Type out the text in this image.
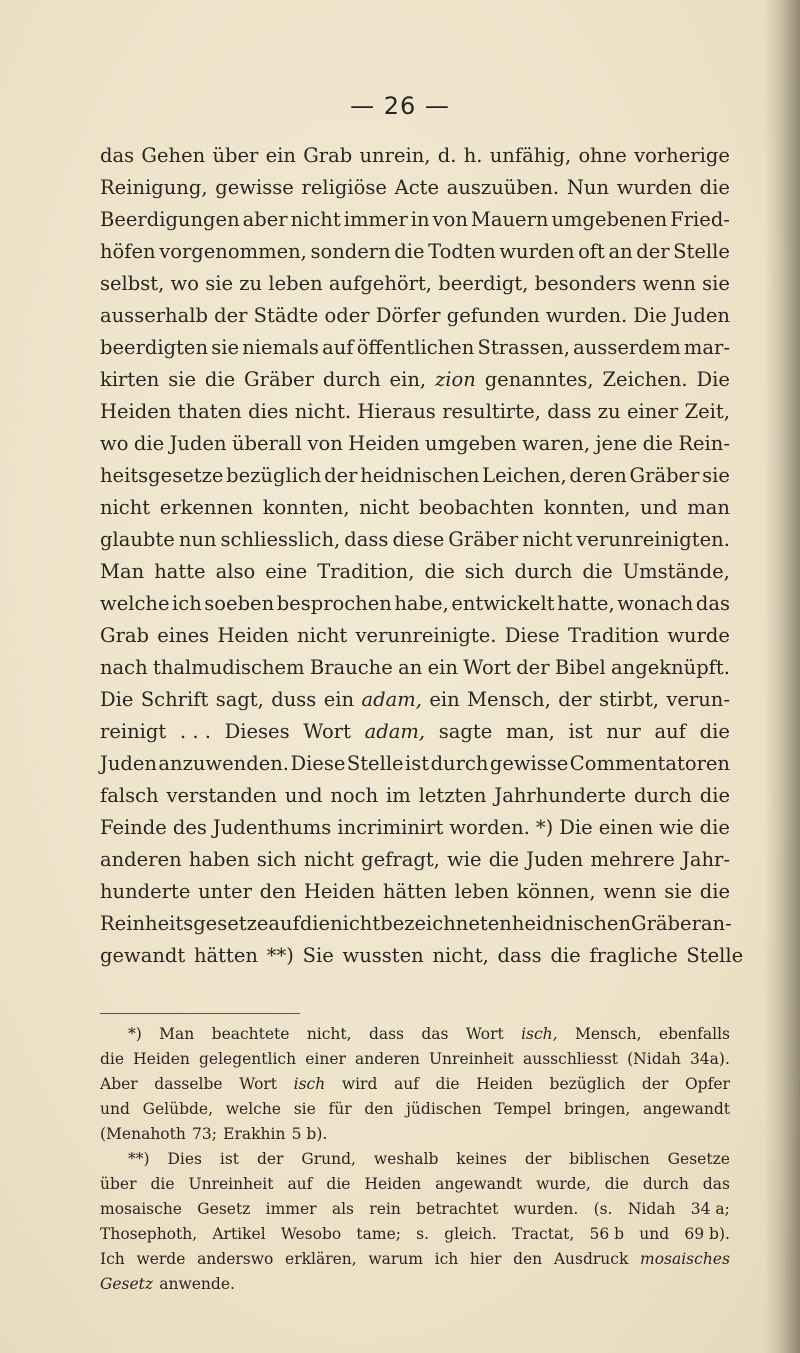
— 26 —
das Gehen über ein Grab unrein, d. h. unfähig, ohne vorherige
Reinigung, gewisse religiöse Acte auszuüben. Nun wurden die
Beerdigungen aber nicht immer in von Mauern umgebenen Fried-
höfen vorgenommen, sondern die Todten wurden oft an der Stelle
selbst, wo sie zu leben aufgehört, beerdigt, besonders wenn sie
ausserhalb der Städte oder Dörfer gefunden wurden. Die Juden
beerdigten sie niemals auf öffentlichen Strassen, ausserdem mar-
kirten sie die Gräber durch ein, zion genanntes, Zeichen. Die
Heiden thaten dies nicht. Hieraus resultirte, dass zu einer Zeit,
wo die Juden überall von Heiden umgeben waren, jene die Rein-
heitsgesetze bezüglich der heidnischen Leichen, deren Gräber sie
nicht erkennen konnten, nicht beobachten konnten, und man
glaubte nun schliesslich, dass diese Gräber nicht verunreinigten.
Man hatte also eine Tradition, die sich durch die Umstände,
welche ich soeben besprochen habe, entwickelt hatte, wonach das
Grab eines Heiden nicht verunreinigte. Diese Tradition wurde
nach thalmudischem Brauche an ein Wort der Bibel angeknüpft.
Die Schrift sagt, duss ein adam, ein Mensch, der stirbt, verun-
reinigt . . . Dieses Wort adam, sagte man, ist nur auf die
Juden anzuwenden. Diese Stelle ist durch gewisse Commentatoren
falsch verstanden und noch im letzten Jahrhunderte durch die
Feinde des Judenthums incriminirt worden. *) Die einen wie die
anderen haben sich nicht gefragt, wie die Juden mehrere Jahr-
hunderte unter den Heiden hätten leben können, wenn sie die
Reinheitsgesetze auf die nicht bezeichneten heidnischen Gräber an-
gewandt hätten **) Sie wussten nicht, dass die fragliche Stelle
*) Man beachtete nicht, dass das Wort isch, Mensch, ebenfalls
die Heiden gelegentlich einer anderen Unreinheit ausschliesst (Nidah 34a).
Aber dasselbe Wort isch wird auf die Heiden bezüglich der Opfer
und Gelübde, welche sie für den jüdischen Tempel bringen, angewandt
(Menahoth 73; Erakhin 5 b).
**) Dies ist der Grund, weshalb keines der biblischen Gesetze
über die Unreinheit auf die Heiden angewandt wurde, die durch das
mosaische Gesetz immer als rein betrachtet wurden. (s. Nidah 34 a;
Thosephoth, Artikel Wesobo tame; s. gleich. Tractat, 56 b und 69 b).
Ich werde anderswo erklären, warum ich hier den Ausdruck mosaisches
Gesetz anwende.
